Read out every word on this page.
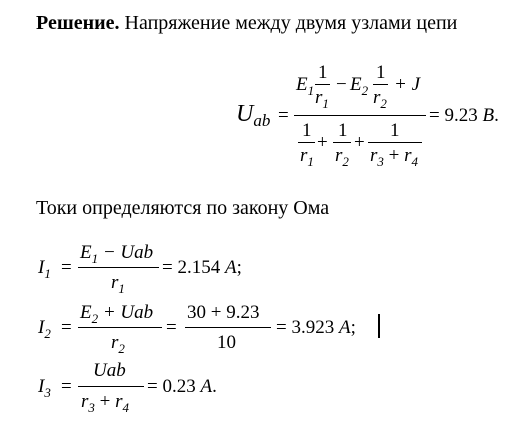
Решение. Напряжение между двумя узлами цепи
$U_{ab}$ =
$E_1$
1
$r_1$
− $E_2$
1
$r_2$
+ J
1
$r_1$
+
1
$r_2$
+
1
$r_3 + r_4$
= 9.23 B.
Токи определяются по закону Ома
$I_1$ =
$E_1$ − Uab
$r_1$
= 2.154 A;
$I_2$ =
$E_2$ + Uab
$r_2$
=
30 + 9.23
10
= 3.923 A;
$I_3$ =
Uab
$r_3 + r_4$
= 0.23 A.
